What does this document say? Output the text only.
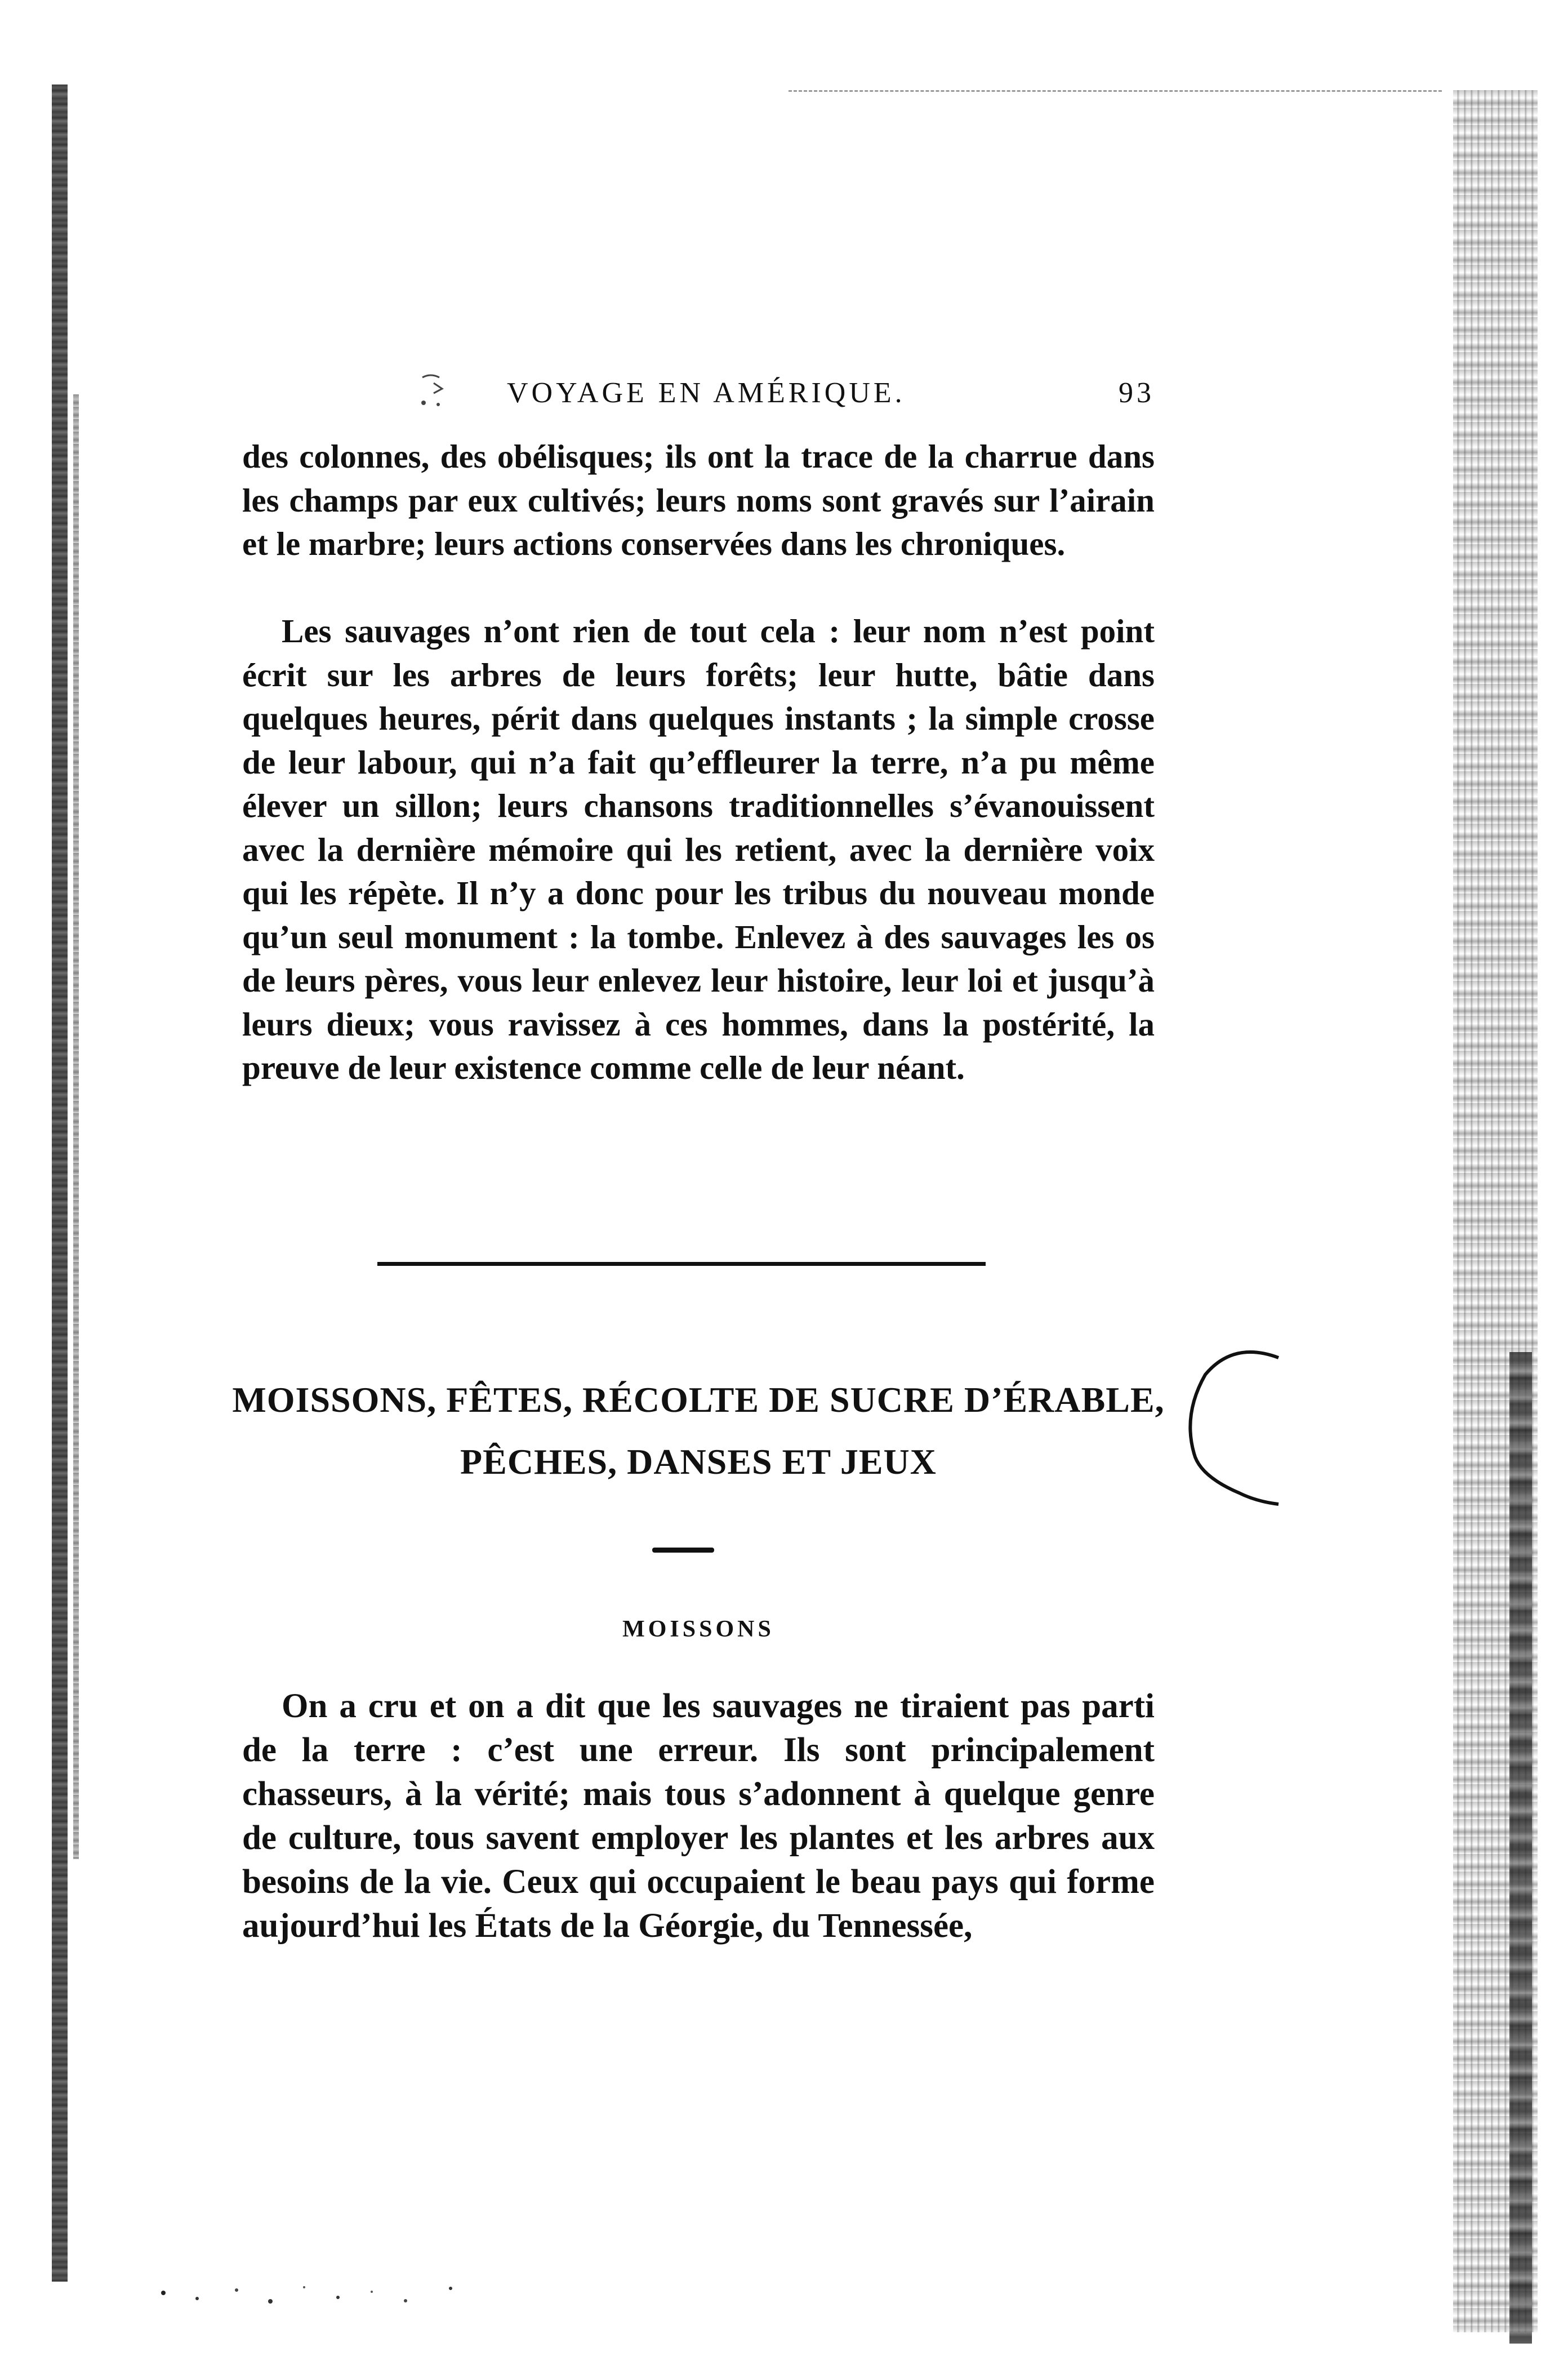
VOYAGE EN AMÉRIQUE.	93

des colonnes, des obélisques; ils ont la trace de la charrue dans les champs par eux cultivés; leurs noms sont gravés sur l’airain et le marbre; leurs actions conservées dans les chroniques.

Les sauvages n’ont rien de tout cela : leur nom n’est point écrit sur les arbres de leurs forêts; leur hutte, bâtie dans quelques heures, périt dans quelques instants ; la simple crosse de leur labour, qui n’a fait qu’effleurer la terre, n’a pu même élever un sillon; leurs chansons traditionnelles s’évanouissent avec la dernière mémoire qui les retient, avec la dernière voix qui les répète. Il n’y a donc pour les tribus du nouveau monde qu’un seul monument : la tombe. Enlevez à des sauvages les os de leurs pères, vous leur enlevez leur histoire, leur loi et jusqu’à leurs dieux; vous ravissez à ces hommes, dans la postérité, la preuve de leur existence comme celle de leur néant.

MOISSONS, FÊTES, RÉCOLTE DE SUCRE D’ÉRABLE,
PÊCHES, DANSES ET JEUX
MOISSONS

On a cru et on a dit que les sauvages ne tiraient pas parti de la terre : c’est une erreur. Ils sont principalement chasseurs, à la vérité; mais tous s’adonnent à quelque genre de culture, tous savent employer les plantes et les arbres aux besoins de la vie. Ceux qui occupaient le beau pays qui forme aujourd’hui les États de la Géorgie, du Tennessée,
